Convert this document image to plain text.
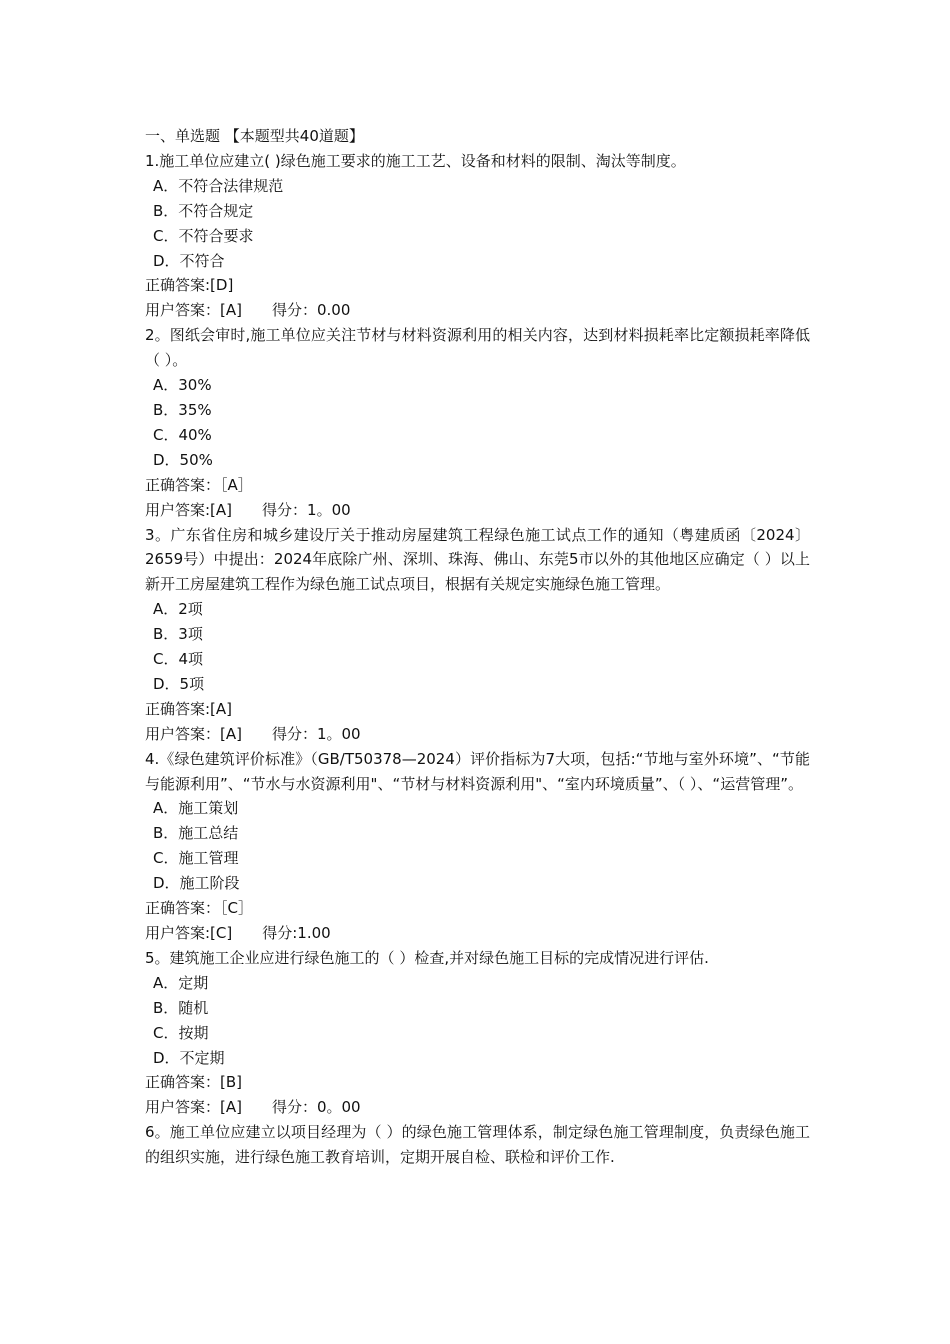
一、单选题 【本题型共40道题】
1.施工单位应建立( )绿色施工要求的施工工艺、设备和材料的限制、淘汰等制度。
A．不符合法律规范
B．不符合规定
C．不符合要求
D．不符合
正确答案:[D]
用户答案：[A] 得分：0.00
2。图纸会审时,施工单位应关注节材与材料资源利用的相关内容，达到材料损耗率比定额损耗率降低（ ）。
A．30%
B．35%
C．40%
D．50%
正确答案：［A］
用户答案:[A] 得分：1。00
3。广东省住房和城乡建设厅关于推动房屋建筑工程绿色施工试点工作的通知（粤建质函〔2024〕2659号）中提出：2024年底除广州、深圳、珠海、佛山、东莞5市以外的其他地区应确定（ ）以上新开工房屋建筑工程作为绿色施工试点项目，根据有关规定实施绿色施工管理。
A．2项
B．3项
C．4项
D．5项
正确答案:[A]
用户答案：[A] 得分：1。00
4.《绿色建筑评价标准》（GB/T50378—2024）评价指标为7大项，包括:“节地与室外环境”、“节能与能源利用”、“节水与水资源利用"、“节材与材料资源利用"、“室内环境质量”、（ ）、“运营管理”。
A．施工策划
B．施工总结
C．施工管理
D．施工阶段
正确答案：［C］
用户答案:[C] 得分:1.00
5。建筑施工企业应进行绿色施工的（ ）检查,并对绿色施工目标的完成情况进行评估.
A．定期
B．随机
C．按期
D．不定期
正确答案：[B]
用户答案：[A] 得分：0。00
6。施工单位应建立以项目经理为（ ）的绿色施工管理体系，制定绿色施工管理制度，负责绿色施工的组织实施，进行绿色施工教育培训，定期开展自检、联检和评价工作.
